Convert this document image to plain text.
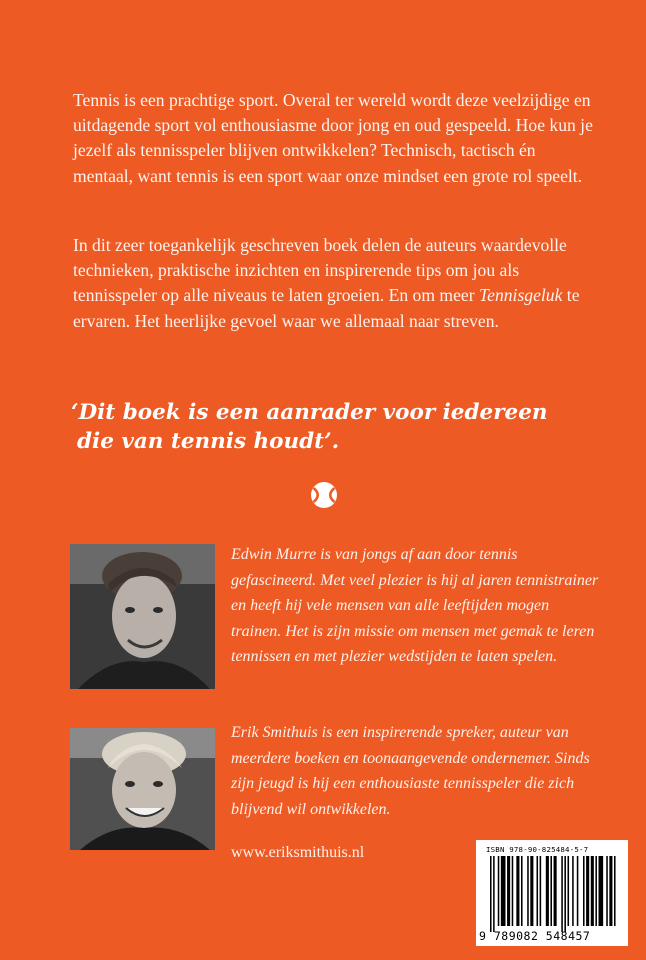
Tennis is een prachtige sport. Overal ter wereld wordt deze veelzijdige en uitdagende sport vol enthousiasme door jong en oud gespeeld. Hoe kun je jezelf als tennisspeler blijven ontwikkelen? Technisch, tactisch én mentaal, want tennis is een sport waar onze mindset een grote rol speelt.

In dit zeer toegankelijk geschreven boek delen de auteurs waardevolle technieken, praktische inzichten en inspirerende tips om jou als tennisspeler op alle niveaus te laten groeien. En om meer Tennisgeluk te ervaren. Het heerlijke gevoel waar we allemaal naar streven.

‘Dit boek is een aanrader voor iedereen
die van tennis houdt’.

Edwin Murre is van jongs af aan door tennis gefascineerd. Met veel plezier is hij al jaren tennistrainer en heeft hij vele mensen van alle leeftijden mogen trainen. Het is zijn missie om mensen met gemak te leren tennissen en met plezier wedstijden te laten spelen.

Erik Smithuis is een inspirerende spreker, auteur van meerdere boeken en toonaangevende ondernemer. Sinds zijn jeugd is hij een enthousiaste tennisspeler die zich blijvend wil ontwikkelen.

www.eriksmithuis.nl	ISBN 978-90-825484-5-7
9 789082 548457
